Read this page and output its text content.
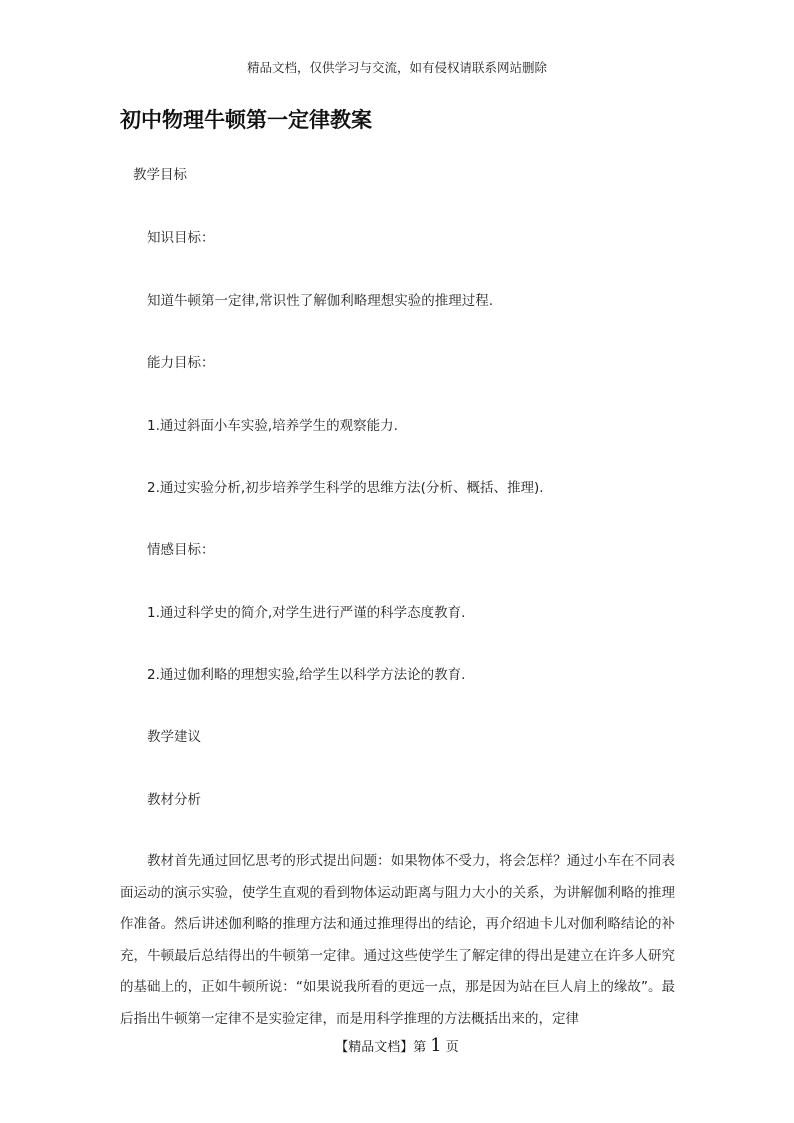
精品文档，仅供学习与交流，如有侵权请联系网站删除
初中物理牛顿第一定律教案
教学目标
知识目标：
知道牛顿第一定律,常识性了解伽利略理想实验的推理过程.
能力目标：
1.通过斜面小车实验,培养学生的观察能力.
2.通过实验分析,初步培养学生科学的思维方法(分析、概括、推理).
情感目标：
1.通过科学史的简介,对学生进行严谨的科学态度教育.
2.通过伽利略的理想实验,给学生以科学方法论的教育.
教学建议
教材分析

教材首先通过回忆思考的形式提出问题：如果物体不受力，将会怎样？通过小车在不同表面运动的演示实验，使学生直观的看到物体运动距离与阻力大小的关系，为讲解伽利略的推理作准备。然后讲述伽利略的推理方法和通过推理得出的结论，再介绍迪卡儿对伽利略结论的补充，牛顿最后总结得出的牛顿第一定律。通过这些使学生了解定律的得出是建立在许多人研究的基础上的，正如牛顿所说：“如果说我所看的更远一点，那是因为站在巨人肩上的缘故”。最后指出牛顿第一定律不是实验定律，而是用科学推理的方法概括出来的，定律

【精品文档】第 1 页
